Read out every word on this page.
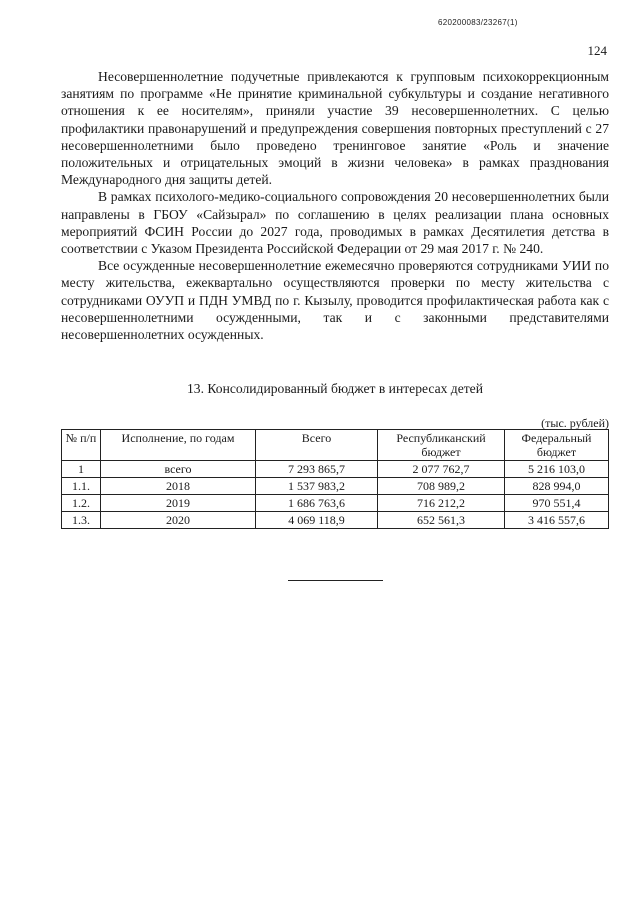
620200083/23267(1)
124

Несовершеннолетние подучетные привлекаются к групповым психокоррекционным занятиям по программе «Не принятие криминальной субкультуры и создание негативного отношения к ее носителям», приняли участие 39 несовершеннолетних. С целью профилактики правонарушений и предупреждения совершения повторных преступлений с 27 несовершеннолетними было проведено тренинговое занятие «Роль и значение положительных и отрицательных эмоций в жизни человека» в рамках празднования Международного дня защиты детей.

В рамках психолого-медико-социального сопровождения 20 несовершеннолетних были направлены в ГБОУ «Сайзырал» по соглашению в целях реализации плана основных мероприятий ФСИН России до 2027 года, проводимых в рамках Десятилетия детства в соответствии с Указом Президента Российской Федерации от 29 мая 2017 г. № 240.

Все осужденные несовершеннолетние ежемесячно проверяются сотрудниками УИИ по месту жительства, ежеквартально осуществляются проверки по месту жительства с сотрудниками ОУУП и ПДН УМВД по г. Кызылу, проводится профилактическая работа как с несовершеннолетними осужденными, так и с законными представителями несовершеннолетних осужденных.

13. Консолидированный бюджет в интересах детей
(тыс. рублей)
№ п/п	Исполнение, по годам	Всего	Республиканский бюджет	Федеральный бюджет
1	всего	7 293 865,7	2 077 762,7	5 216 103,0
1.1.	2018	1 537 983,2	708 989,2	828 994,0
1.2.	2019	1 686 763,6	716 212,2	970 551,4
1.3.	2020	4 069 118,9	652 561,3	3 416 557,6
